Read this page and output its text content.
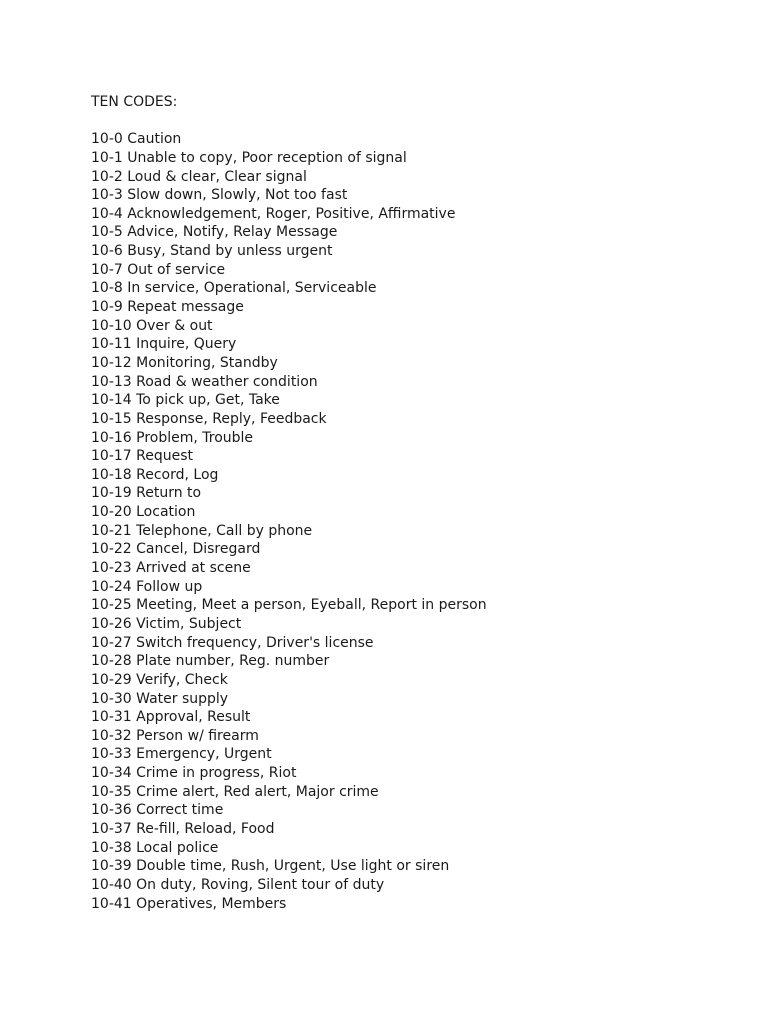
TEN CODES:
10-0 Caution
10-1 Unable to copy, Poor reception of signal
10-2 Loud & clear, Clear signal
10-3 Slow down, Slowly, Not too fast
10-4 Acknowledgement, Roger, Positive, Affirmative
10-5 Advice, Notify, Relay Message
10-6 Busy, Stand by unless urgent
10-7 Out of service
10-8 In service, Operational, Serviceable
10-9 Repeat message
10-10 Over & out
10-11 Inquire, Query
10-12 Monitoring, Standby
10-13 Road & weather condition
10-14 To pick up, Get, Take
10-15 Response, Reply, Feedback
10-16 Problem, Trouble
10-17 Request
10-18 Record, Log
10-19 Return to
10-20 Location
10-21 Telephone, Call by phone
10-22 Cancel, Disregard
10-23 Arrived at scene
10-24 Follow up
10-25 Meeting, Meet a person, Eyeball, Report in person
10-26 Victim, Subject
10-27 Switch frequency, Driver's license
10-28 Plate number, Reg. number
10-29 Verify, Check
10-30 Water supply
10-31 Approval, Result
10-32 Person w/ firearm
10-33 Emergency, Urgent
10-34 Crime in progress, Riot
10-35 Crime alert, Red alert, Major crime
10-36 Correct time
10-37 Re-fill, Reload, Food
10-38 Local police
10-39 Double time, Rush, Urgent, Use light or siren
10-40 On duty, Roving, Silent tour of duty
10-41 Operatives, Members
